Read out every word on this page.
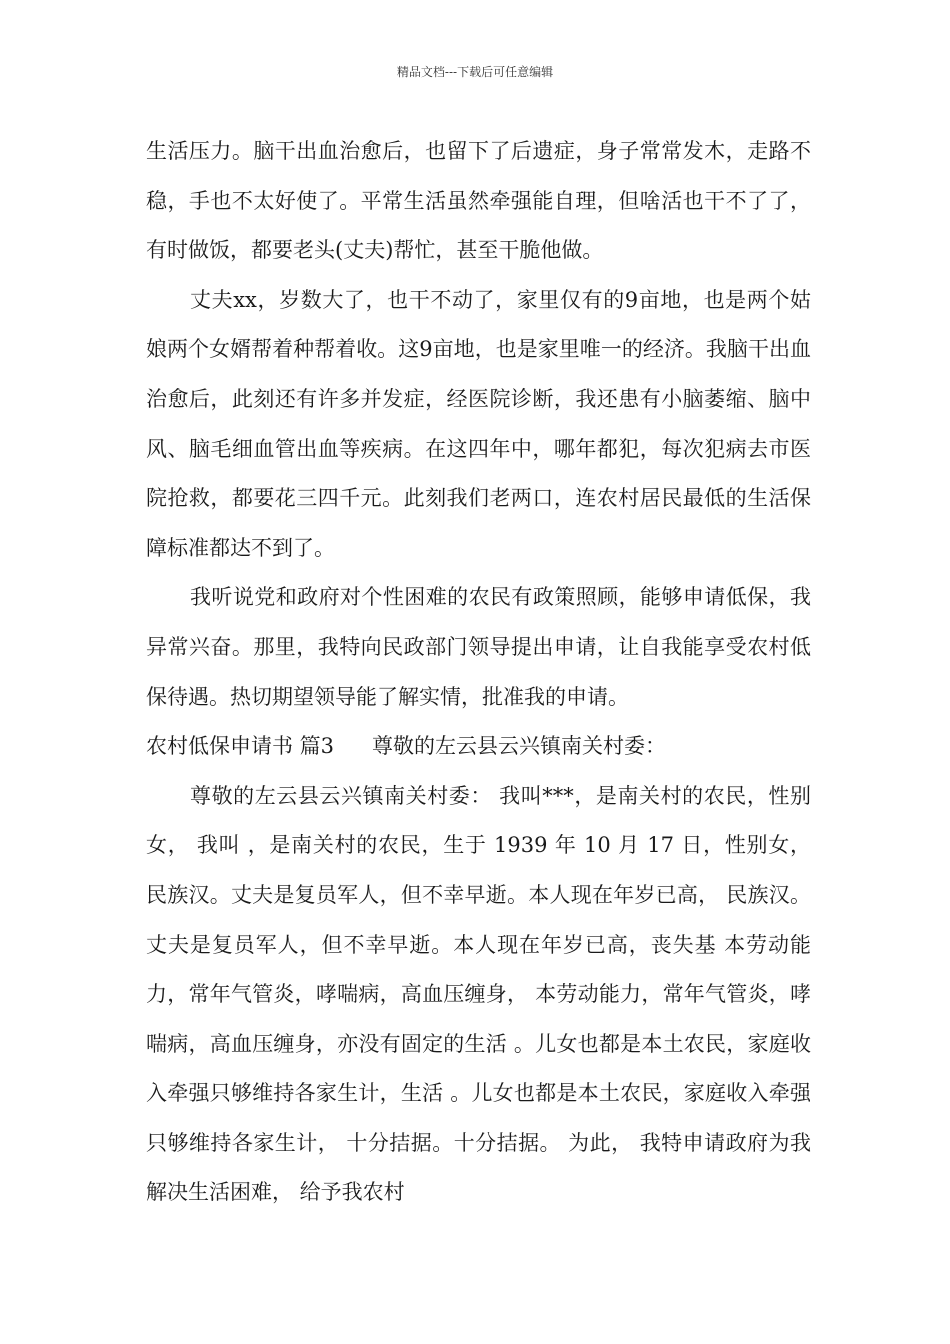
精品文档---下载后可任意编辑

生活压力。脑干出血治愈后，也留下了后遗症，身子常常发木，走路不稳，手也不太好使了。平常生活虽然牵强能自理，但啥活也干不了了，有时做饭，都要老头(丈夫)帮忙，甚至干脆他做。

丈夫xx，岁数大了，也干不动了，家里仅有的9亩地，也是两个姑娘两个女婿帮着种帮着收。这9亩地，也是家里唯一的经济。我脑干出血治愈后，此刻还有许多并发症，经医院诊断，我还患有小脑萎缩、脑中风、脑毛细血管出血等疾病。在这四年中，哪年都犯，每次犯病去市医院抢救，都要花三四千元。此刻我们老两口，连农村居民最低的生活保障标准都达不到了。

我听说党和政府对个性困难的农民有政策照顾，能够申请低保，我异常兴奋。那里，我特向民政部门领导提出申请，让自我能享受农村低保待遇。热切期望领导能了解实情，批准我的申请。

农村低保申请书 篇3 尊敬的左云县云兴镇南关村委：

尊敬的左云县云兴镇南关村委： 我叫***，是南关村的农民，性别女， 我叫 ，是南关村的农民，生于 1939 年 10 月 17 日，性别女， 民族汉。丈夫是复员军人，但不幸早逝。本人现在年岁已高， 民族汉。丈夫是复员军人，但不幸早逝。本人现在年岁已高，丧失基 本劳动能力，常年气管炎，哮喘病，高血压缠身， 本劳动能力，常年气管炎，哮喘病，高血压缠身，亦没有固定的生活 。儿女也都是本土农民，家庭收入牵强只够维持各家生计，生活 。儿女也都是本土农民，家庭收入牵强只够维持各家生计， 十分拮据。十分拮据。 为此， 我特申请政府为我解决生活困难， 给予我农村
